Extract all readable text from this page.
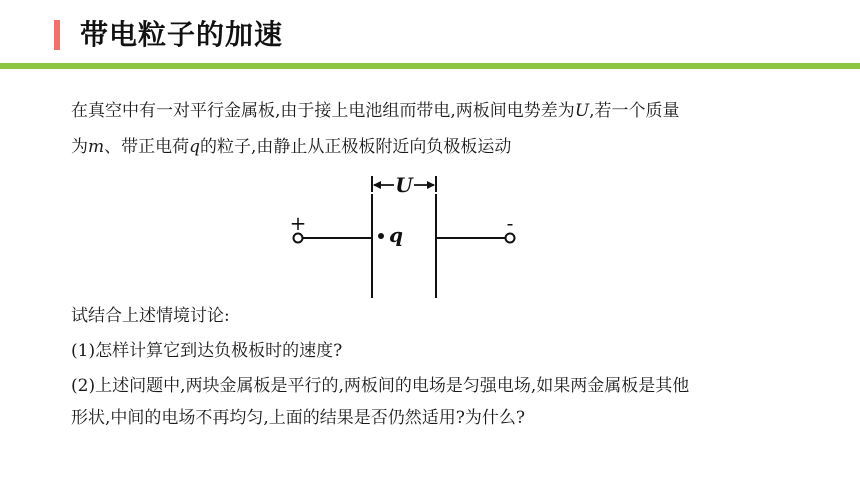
带电粒子的加速
在真空中有一对平行金属板,由于接上电池组而带电,两板间电势差为U,若一个质量
为m、带正电荷q的粒子,由静止从正极板附近向负极板运动
U
+	-
q
试结合上述情境讨论:
(1)怎样计算它到达负极板时的速度?
(2)上述问题中,两块金属板是平行的,两板间的电场是匀强电场,如果两金属板是其他
形状,中间的电场不再均匀,上面的结果是否仍然适用?为什么?
